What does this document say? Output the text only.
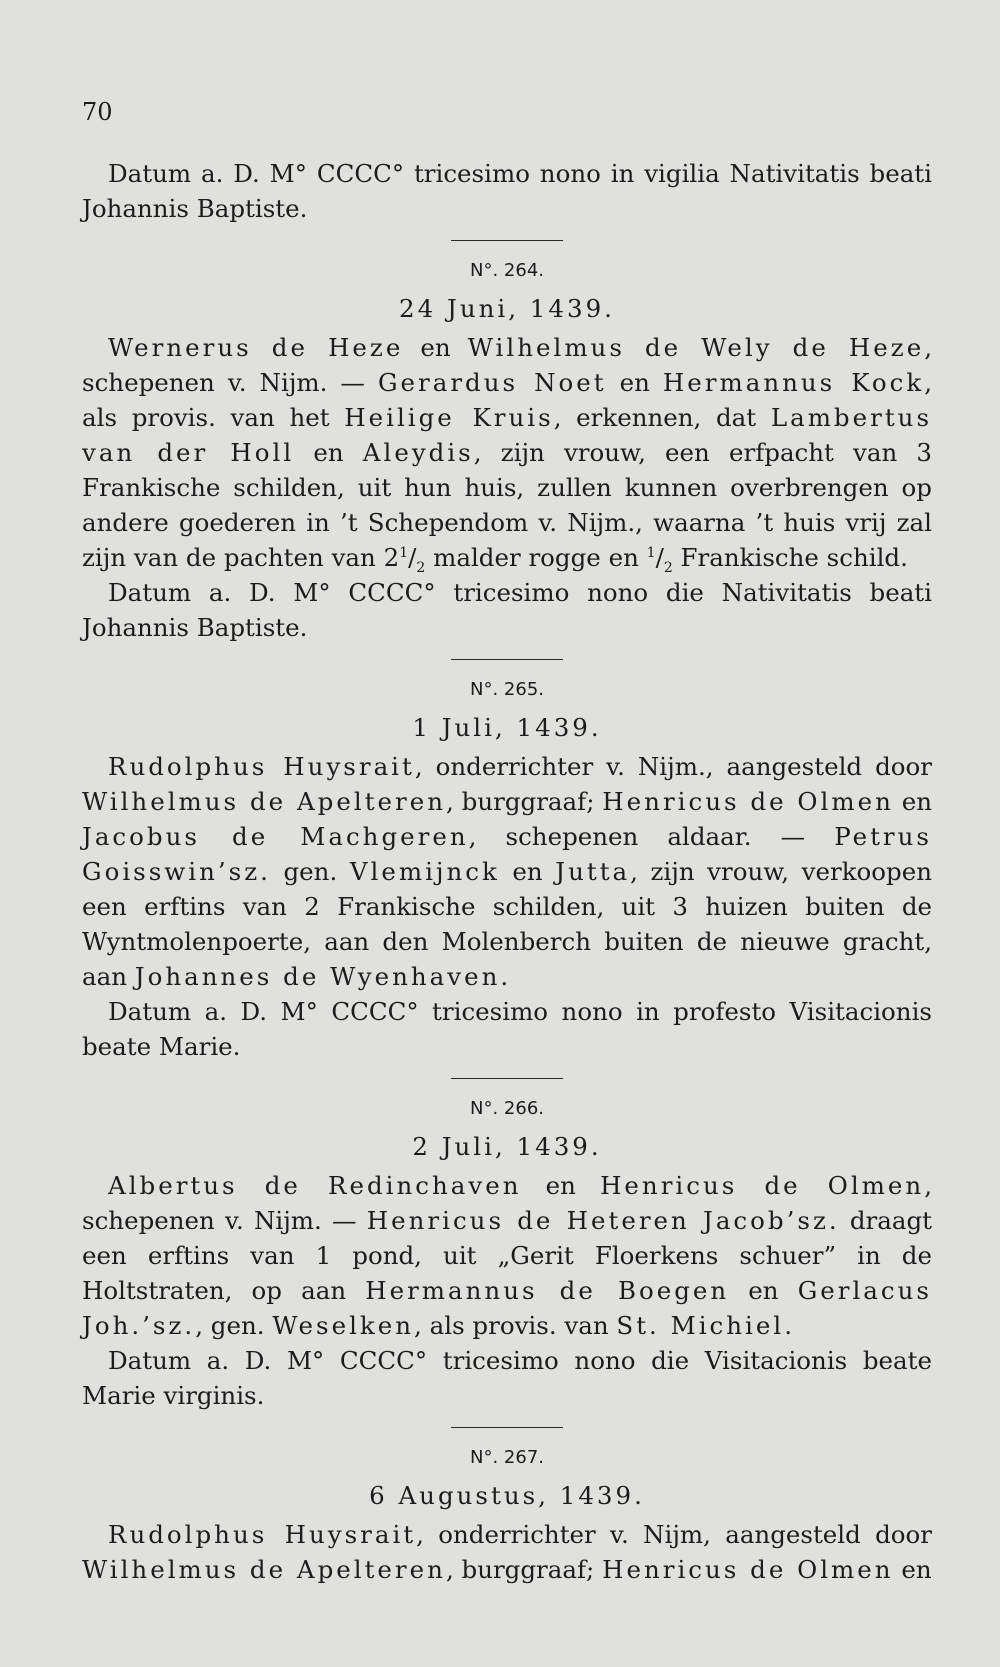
70

Datum a. D. M° CCCC° tricesimo nono in vigilia Nativitatis beati Johannis Baptiste.

N°. 264.
24 Juni, 1439.

Wernerus de Heze en Wilhelmus de Wely de Heze, schepenen v. Nijm. — Gerardus Noet en Hermannus Kock, als provis. van het Heilige Kruis, erkennen, dat Lambertus van der Holl en Aleydis, zijn vrouw, een erfpacht van 3 Frankische schilden, uit hun huis, zullen kunnen overbrengen op andere goederen in ’t Schependom v. Nijm., waarna ’t huis vrij zal zijn van de pachten van $2^1/_2$ malder rogge en $^1/_2$ Frankische schild.

Datum a. D. M° CCCC° tricesimo nono die Nativitatis beati Johannis Baptiste.

N°. 265.
1 Juli, 1439.

Rudolphus Huysrait, onderrichter v. Nijm., aangesteld door Wilhelmus de Apelteren, burggraaf; Henricus de Olmen en Jacobus de Machgeren, schepenen aldaar. — Petrus Goisswin’sz. gen. Vlemijnck en Jutta, zijn vrouw, verkoopen een erftins van 2 Frankische schilden, uit 3 huizen buiten de Wyntmolenpoerte, aan den Molenberch buiten de nieuwe gracht, aan Johannes de Wyenhaven.

Datum a. D. M° CCCC° tricesimo nono in profesto Visitacionis beate Marie.

N°. 266.
2 Juli, 1439.

Albertus de Redinchaven en Henricus de Olmen, schepenen v. Nijm. — Henricus de Heteren Jacob’sz. draagt een erftins van 1 pond, uit „Gerit Floerkens schuer” in de Holtstraten, op aan Hermannus de Boegen en Gerlacus Joh.’sz., gen. Weselken, als provis. van St. Michiel.

Datum a. D. M° CCCC° tricesimo nono die Visitacionis beate Marie virginis.

N°. 267.
6 Augustus, 1439.

Rudolphus Huysrait, onderrichter v. Nijm, aangesteld door Wilhelmus de Apelteren, burggraaf; Henricus de Olmen en
